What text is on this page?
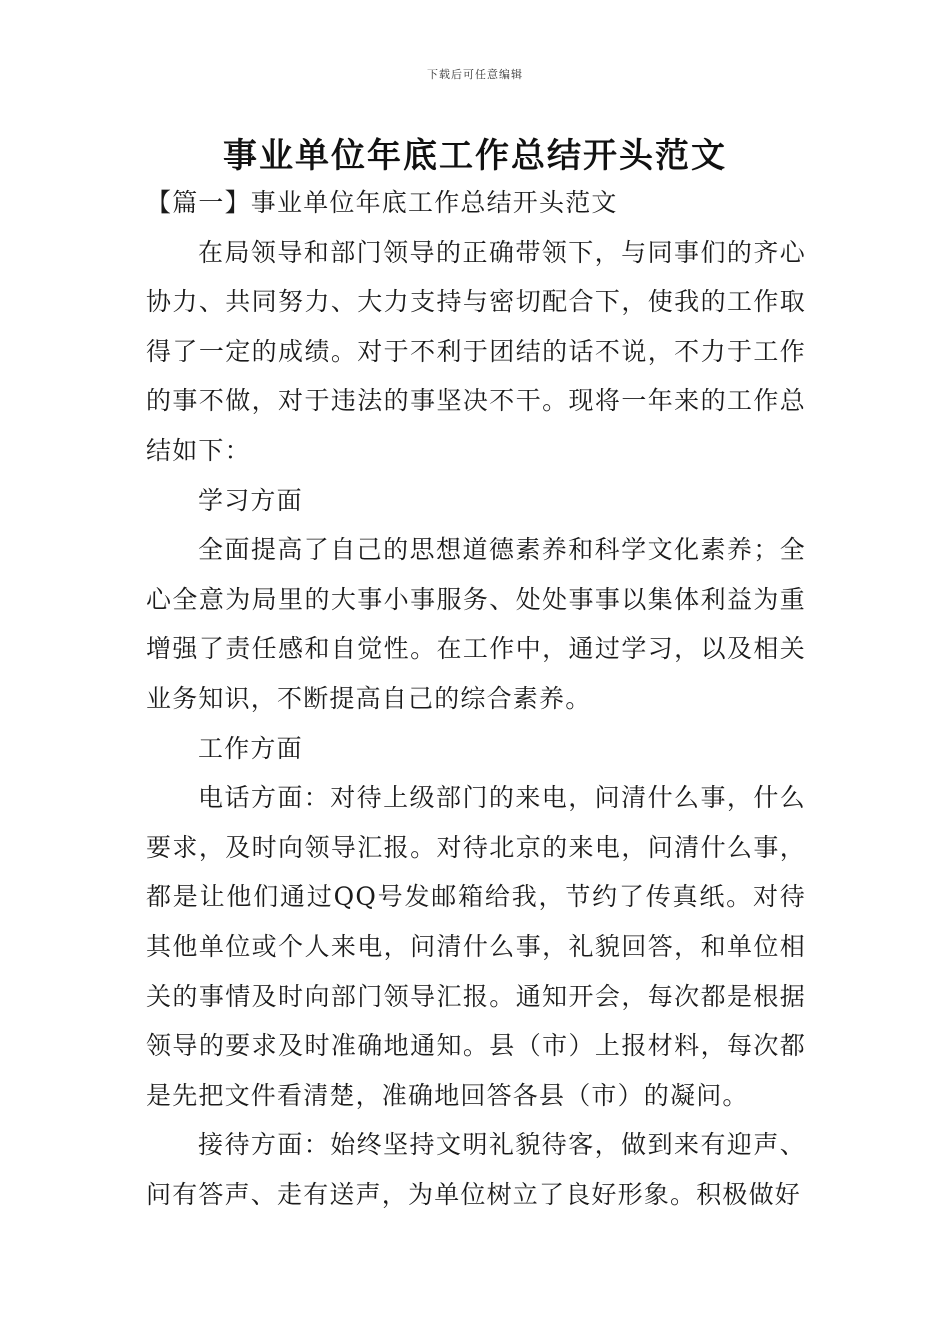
下载后可任意编辑
事业单位年底工作总结开头范文

【篇一】事业单位年底工作总结开头范文

在局领导和部门领导的正确带领下，与同事们的齐心协力、共同努力、大力支持与密切配合下，使我的工作取得了一定的成绩。对于不利于团结的话不说，不力于工作的事不做，对于违法的事坚决不干。现将一年来的工作总结如下：

学习方面

全面提高了自己的思想道德素养和科学文化素养；全心全意为局里的大事小事服务、处处事事以集体利益为重增强了责任感和自觉性。在工作中，通过学习，以及相关业务知识，不断提高自己的综合素养。

工作方面

电话方面：对待上级部门的来电，问清什么事，什么要求，及时向领导汇报。对待北京的来电，问清什么事，都是让他们通过QQ号发邮箱给我，节约了传真纸。对待其他单位或个人来电，问清什么事，礼貌回答，和单位相关的事情及时向部门领导汇报。通知开会，每次都是根据领导的要求及时准确地通知。县（市）上报材料，每次都是先把文件看清楚，准确地回答各县（市）的凝问。

接待方面：始终坚持文明礼貌待客，做到来有迎声、问有答声、走有送声，为单位树立了良好形象。积极做好
